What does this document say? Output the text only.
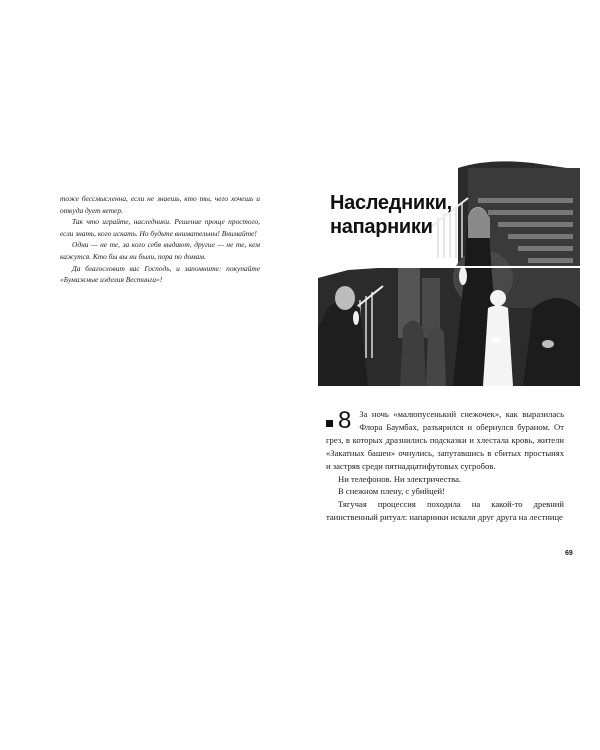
тоже бессмысленна, если не знаешь, кто ты, чего хочешь и откуда дует ветер.

Так что играйте, наследники. Решение проще простого, если знать, кого искать. Но будьте внимательны! Внимайте!

Одни — не те, за кого себя выдают, другие — не те, кем кажутся. Кто бы вы ни были, пора по домам.

Да благословит вас Господь, и запомните: покупайте «Бумажные изделия Вестинга»!

Наследники,
напарники
8 За ночь «малюпусенький снежочек», как выразилась Флора Баумбах, разъярился и обернулся бураном. От грез, в которых дразнились подсказки и хлестала кровь, жители «Закатных башен» очнулись, запутавшись в сбитых простынях и застряв среди пятнадцатифутовых сугробов.

Ни телефонов. Ни электричества.

В снежном плену, с убийцей!

Тягучая процессия походила на какой-то древний таинственный ритуал: напарники искали друг друга на лестнице

69
